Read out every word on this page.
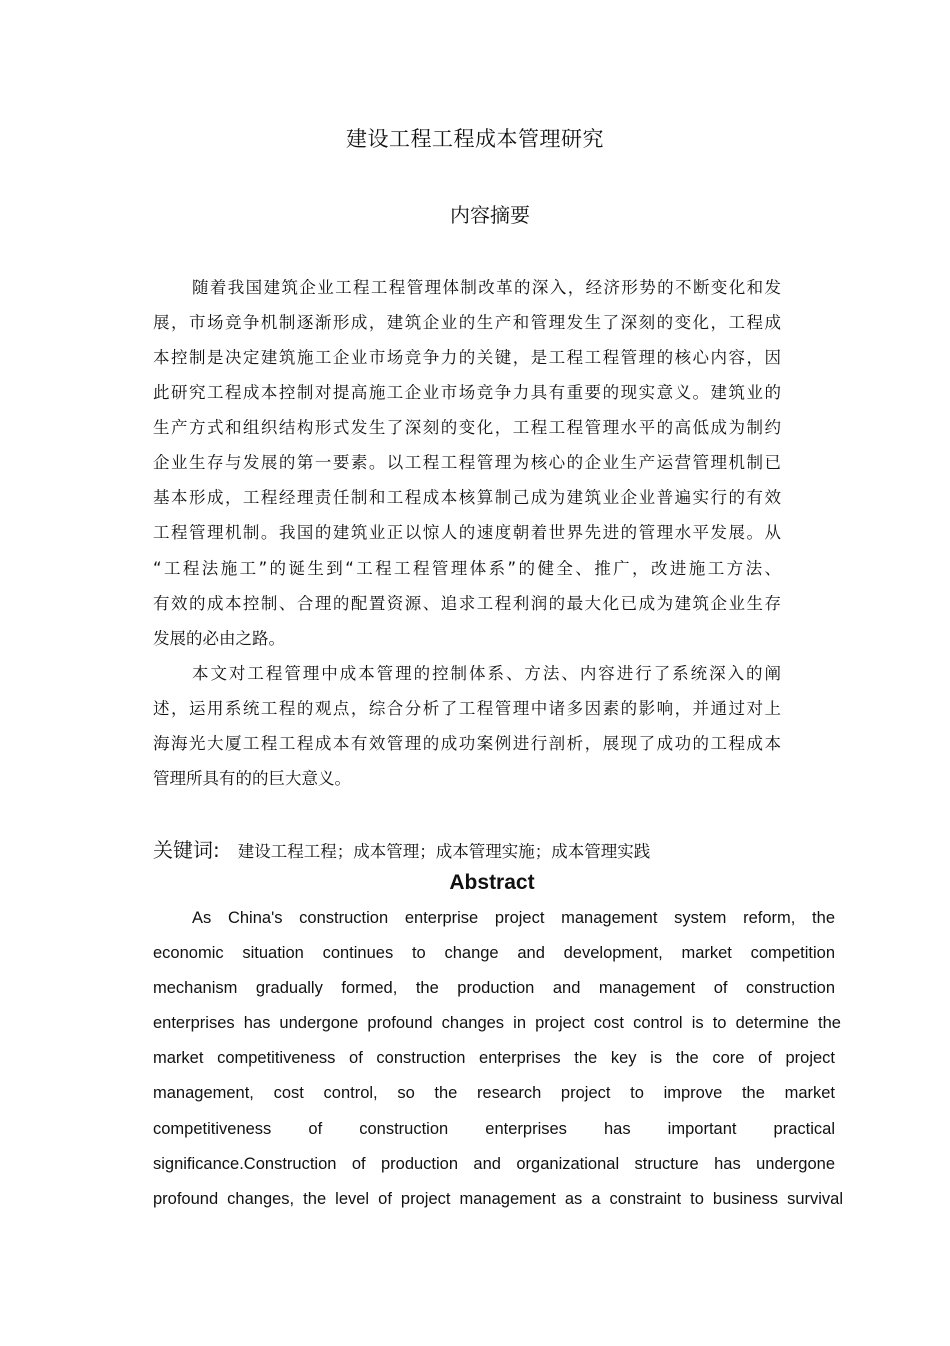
建设工程工程成本管理研究
内容摘要
随着我国建筑企业工程工程管理体制改革的深入，经济形势的不断变化和发
展，市场竞争机制逐渐形成，建筑企业的生产和管理发生了深刻的变化，工程成
本控制是决定建筑施工企业市场竞争力的关键，是工程工程管理的核心内容，因
此研究工程成本控制对提高施工企业市场竞争力具有重要的现实意义。建筑业的
生产方式和组织结构形式发生了深刻的变化，工程工程管理水平的高低成为制约
企业生存与发展的第一要素。以工程工程管理为核心的企业生产运营管理机制已
基本形成，工程经理责任制和工程成本核算制己成为建筑业企业普遍实行的有效
工程管理机制。我国的建筑业正以惊人的速度朝着世界先进的管理水平发展。从
“工程法施工”的诞生到“工程工程管理体系”的健全、推广，改进施工方法、
有效的成本控制、合理的配置资源、追求工程利润的最大化已成为建筑企业生存
发展的必由之路。
本文对工程管理中成本管理的控制体系、方法、内容进行了系统深入的阐
述，运用系统工程的观点，综合分析了工程管理中诸多因素的影响，并通过对上
海海光大厦工程工程成本有效管理的成功案例进行剖析，展现了成功的工程成本
管理所具有的的巨大意义。
关键词: 建设工程工程；成本管理；成本管理实施；成本管理实践
Abstract
As China's construction enterprise project management system reform, the
economic situation continues to change and development, market competition
mechanism gradually formed, the production and management of construction
enterprises has undergone profound changes in project cost control is to determine the
market competitiveness of construction enterprises the key is the core of project
management, cost control, so the research project to improve the market
competitiveness of construction enterprises has important practical
significance.Construction of production and organizational structure has undergone
profound changes, the level of project management as a constraint to business survival
